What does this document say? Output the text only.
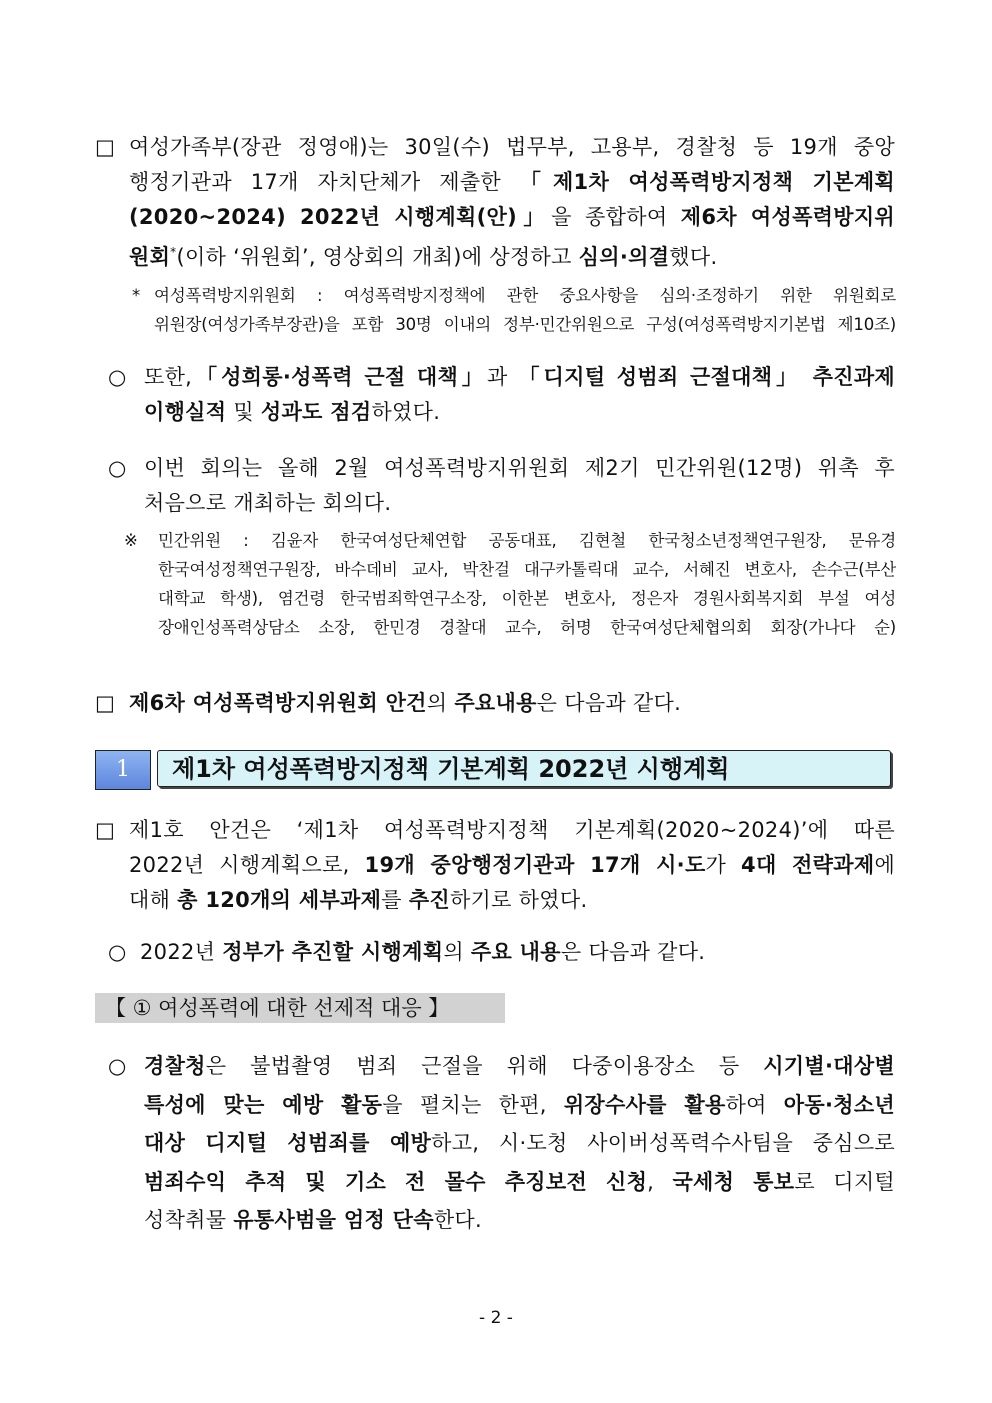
□ 여성가족부(장관 정영애)는 30일(수) 법무부, 고용부, 경찰청 등 19개 중앙
행정기관과 17개 자치단체가 제출한 「제1차 여성폭력방지정책 기본계획
(2020~2024) 2022년 시행계획(안)」을 종합하여 제6차 여성폭력방지위
원회*(이하 ‘위원회’, 영상회의 개최)에 상정하고 심의·의결했다.
* 여성폭력방지위원회 : 여성폭력방지정책에 관한 중요사항을 심의·조정하기 위한 위원회로
위원장(여성가족부장관)을 포함 30명 이내의 정부·민간위원으로 구성(여성폭력방지기본법 제10조)
○ 또한,「성희롱·성폭력 근절 대책」과 「디지털 성범죄 근절대책」 추진과제
이행실적 및 성과도 점검하였다.
○ 이번 회의는 올해 2월 여성폭력방지위원회 제2기 민간위원(12명) 위촉 후
처음으로 개최하는 회의다.
※	민간위원 : 김윤자 한국여성단체연합 공동대표, 김현철 한국청소년정책연구원장, 문유경
한국여성정책연구원장, 바수데비 교사, 박찬걸 대구카톨릭대 교수, 서혜진 변호사, 손수근(부산
대학교 학생), 염건령 한국범죄학연구소장, 이한본 변호사, 정은자 경원사회복지회 부설 여성
장애인성폭력상담소 소장, 한민경 경찰대 교수, 허명 한국여성단체협의회 회장(가나다 순)
□ 제6차 여성폭력방지위원회 안건의 주요내용은 다음과 같다.
1	제1차 여성폭력방지정책 기본계획 2022년 시행계획
□ 제1호 안건은 ‘제1차 여성폭력방지정책 기본계획(2020~2024)’에 따른
2022년 시행계획으로, 19개 중앙행정기관과 17개 시·도가 4대 전략과제에
대해 총 120개의 세부과제를 추진하기로 하였다.
○ 2022년 정부가 추진할 시행계획의 주요 내용은 다음과 같다.
【 ① 여성폭력에 대한 선제적 대응 】
○ 경찰청은 불법촬영 범죄 근절을 위해 다중이용장소 등 시기별·대상별
특성에 맞는 예방 활동을 펼치는 한편, 위장수사를 활용하여 아동·청소년
대상 디지털 성범죄를 예방하고, 시·도청 사이버성폭력수사팀을 중심으로
범죄수익 추적 및 기소 전 몰수 추징보전 신청, 국세청 통보로 디지털
성착취물 유통사범을 엄정 단속한다.
- 2 -
